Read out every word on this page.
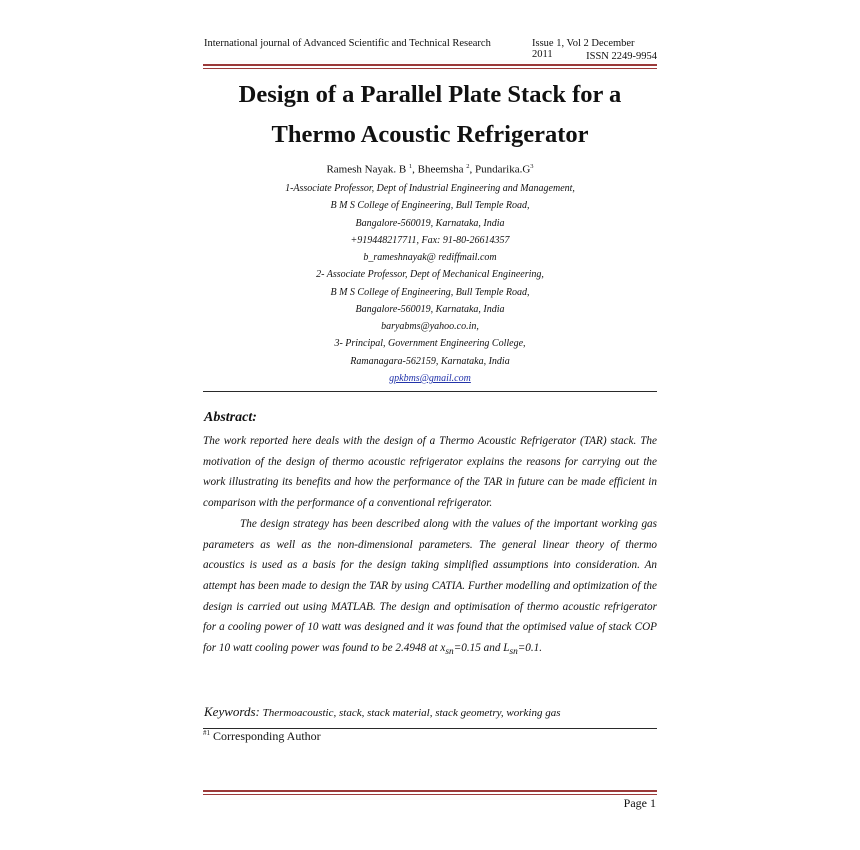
International journal of Advanced Scientific and Technical Research	Issue 1, Vol 2 December 2011	ISSN 2249-9954
Design of a Parallel Plate Stack for a
Thermo Acoustic Refrigerator
Ramesh Nayak. B $^1$, Bheemsha $^2$, $Pundarika.G^3$
1-Associate Professor, Dept of Industrial Engineering and Management,
B M S College of Engineering, Bull Temple Road,
Bangalore-560019, Karnataka, India
+919448217711, Fax: 91-80-26614357
b_rameshnayak@ rediffmail.com
2- Associate Professor, Dept of Mechanical Engineering,
B M S College of Engineering, Bull Temple Road,
Bangalore-560019, Karnataka, India
baryabms@yahoo.co.in,
3- Principal, Government Engineering College,
Ramanagara-562159, Karnataka, India
gpkbms@gmail.com
Abstract:

The work reported here deals with the design of a Thermo Acoustic Refrigerator (TAR) stack. The motivation of the design of thermo acoustic refrigerator explains the reasons for carrying out the work illustrating its benefits and how the performance of the TAR in future can be made efficient in comparison with the performance of a conventional refrigerator.

The design strategy has been described along with the values of the important working gas parameters as well as the non-dimensional parameters. The general linear theory of thermo acoustics is used as a basis for the design taking simplified assumptions into consideration. An attempt has been made to design the TAR by using CATIA. Further modelling and optimization of the design is carried out using MATLAB. The design and optimisation of thermo acoustic refrigerator for a cooling power of 10 watt was designed and it was found that the optimised value of stack COP for 10 watt cooling power was found to be 2.4948 at $x_{sn}=0.15$ and $L_{sn}=0.1$.

Keywords: Thermoacoustic, stack, stack material, stack geometry, working gas
$^{\#1}$ Corresponding Author
Page 1
